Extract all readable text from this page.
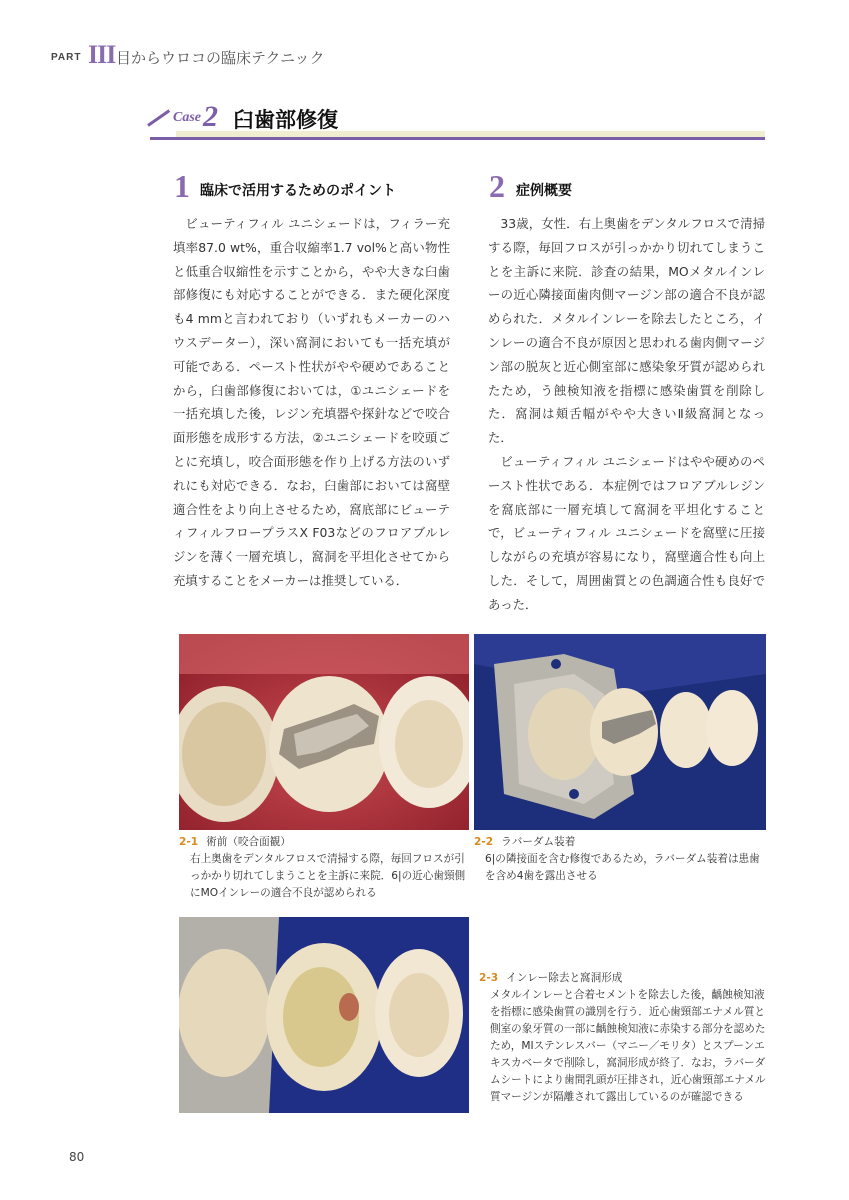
PART III 目からウロコの臨床テクニック
Case 2 臼歯部修復
1 臨床で活用するためのポイント

ビューティフィル ユニシェードは，フィラー充填率87.0 wt%，重合収縮率1.7 vol%と高い物性と低重合収縮性を示すことから，やや大きな臼歯部修復にも対応することができる．また硬化深度も4 mmと言われており（いずれもメーカーのハウスデーター），深い窩洞においても一括充填が可能である．ペースト性状がやや硬めであることから，臼歯部修復においては，①ユニシェードを一括充填した後，レジン充填器や探針などで咬合面形態を成形する方法，②ユニシェードを咬頭ごとに充填し，咬合面形態を作り上げる方法のいずれにも対応できる．なお，臼歯部においては窩壁適合性をより向上させるため，窩底部にビューティフィルフロープラスX F03などのフロアブルレジンを薄く一層充填し，窩洞を平坦化させてから充填することをメーカーは推奨している．

2 症例概要

33歳，女性．右上奥歯をデンタルフロスで清掃する際，毎回フロスが引っかかり切れてしまうことを主訴に来院．診査の結果，MOメタルインレーの近心隣接面歯肉側マージン部の適合不良が認められた．メタルインレーを除去したところ，インレーの適合不良が原因と思われる歯肉側マージン部の脱灰と近心側室部に感染象牙質が認められたため，う蝕検知液を指標に感染歯質を削除した．窩洞は頬舌幅がやや大きいⅡ級窩洞となった．

ビューティフィル ユニシェードはやや硬めのペースト性状である．本症例ではフロアブルレジンを窩底部に一層充填して窩洞を平坦化することで，ビューティフィル ユニシェードを窩壁に圧接しながらの充填が容易になり，窩壁適合性も向上した．そして，周囲歯質との色調適合性も良好であった．

2-1 術前（咬合面観）
右上奥歯をデンタルフロスで清掃する際，毎回フロスが引っかかり切れてしまうことを主訴に来院．6|の近心歯頸側にMOインレーの適合不良が認められる
2-2 ラバーダム装着
6|の隣接面を含む修復であるため，ラバーダム装着は患歯を含め4歯を露出させる
2-3 インレー除去と窩洞形成
メタルインレーと合着セメントを除去した後，齲蝕検知液を指標に感染歯質の識別を行う．近心歯頸部エナメル質と側室の象牙質の一部に齲蝕検知液に赤染する部分を認めたため，MIステンレスバー（マニー／モリタ）とスプーンエキスカベータで削除し，窩洞形成が終了．なお，ラバーダムシートにより歯間乳頭が圧排され，近心歯頸部エナメル質マージンが隔離されて露出しているのが確認できる
80
